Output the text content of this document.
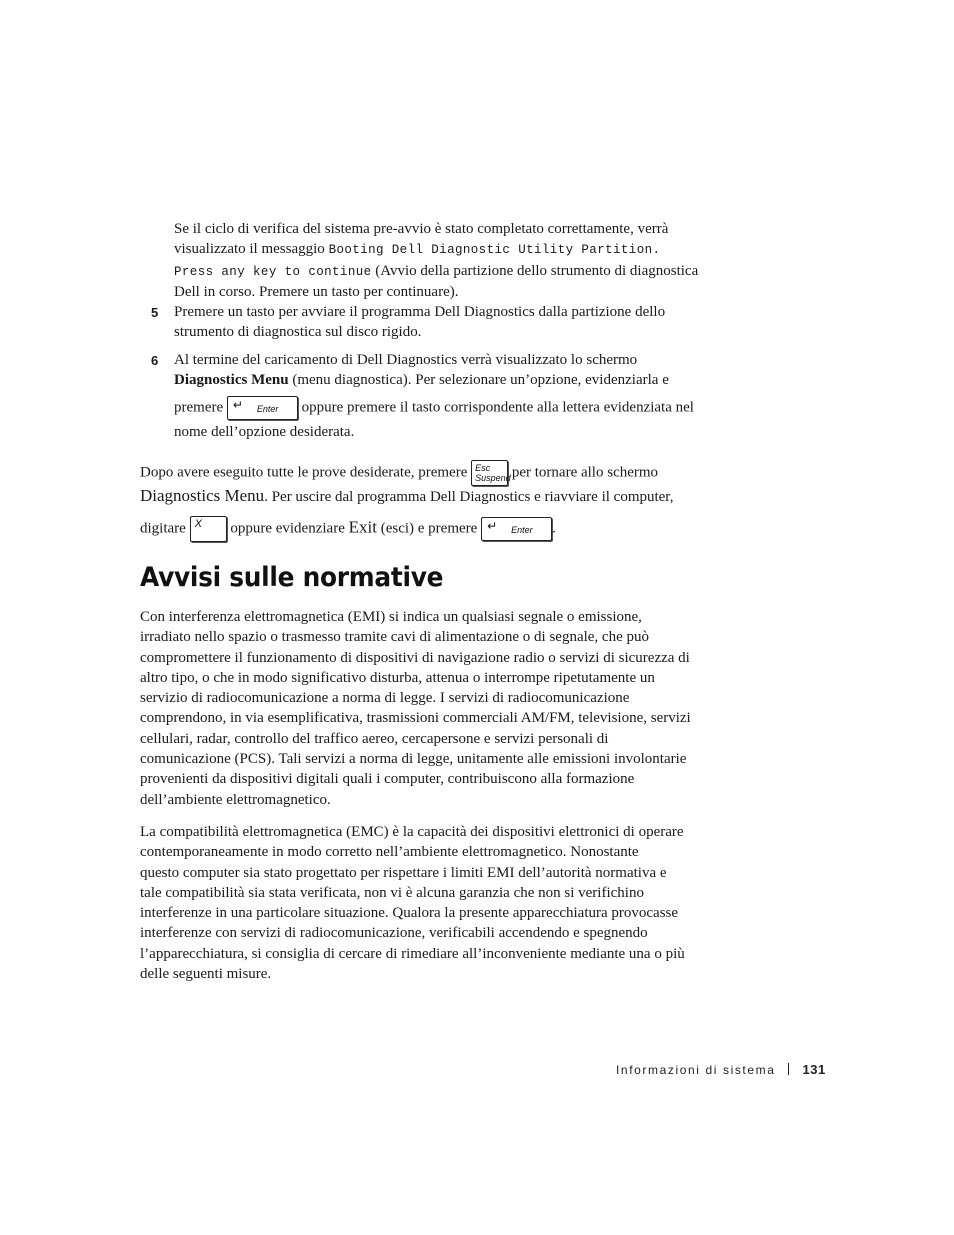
Se il ciclo di verifica del sistema pre-avvio è stato completato correttamente, verrà
visualizzato il messaggio Booting Dell Diagnostic Utility Partition.
Press any key to continue (Avvio della partizione dello strumento di diagnostica
Dell in corso. Premere un tasto per continuare).
5 Premere un tasto per avviare il programma Dell Diagnostics dalla partizione dello
strumento di diagnostica sul disco rigido.
6 Al termine del caricamento di Dell Diagnostics verrà visualizzato lo schermo
Diagnostics Menu (menu diagnostica). Per selezionare un’opzione, evidenziarla e
premere ↵ Enter oppure premere il tasto corrispondente alla lettera evidenziata nel
nome dell’opzione desiderata.
Dopo avere eseguito tutte le prove desiderate, premere Esc
Suspend per tornare allo schermo
Diagnostics Menu. Per uscire dal programma Dell Diagnostics e riavviare il computer,
digitare X oppure evidenziare Exit (esci) e premere ↵ Enter .
Avvisi sulle normative
Con interferenza elettromagnetica (EMI) si indica un qualsiasi segnale o emissione,
irradiato nello spazio o trasmesso tramite cavi di alimentazione o di segnale, che può
compromettere il funzionamento di dispositivi di navigazione radio o servizi di sicurezza di
altro tipo, o che in modo significativo disturba, attenua o interrompe ripetutamente un
servizio di radiocomunicazione a norma di legge. I servizi di radiocomunicazione
comprendono, in via esemplificativa, trasmissioni commerciali AM/FM, televisione, servizi
cellulari, radar, controllo del traffico aereo, cercapersone e servizi personali di
comunicazione (PCS). Tali servizi a norma di legge, unitamente alle emissioni involontarie
provenienti da dispositivi digitali quali i computer, contribuiscono alla formazione
dell’ambiente elettromagnetico.
La compatibilità elettromagnetica (EMC) è la capacità dei dispositivi elettronici di operare
contemporaneamente in modo corretto nell’ambiente elettromagnetico. Nonostante
questo computer sia stato progettato per rispettare i limiti EMI dell’autorità normativa e
tale compatibilità sia stata verificata, non vi è alcuna garanzia che non si verifichino
interferenze in una particolare situazione. Qualora la presente apparecchiatura provocasse
interferenze con servizi di radiocomunicazione, verificabili accendendo e spegnendo
l’apparecchiatura, si consiglia di cercare di rimediare all’inconveniente mediante una o più
delle seguenti misure.
Informazioni di sistema 131
